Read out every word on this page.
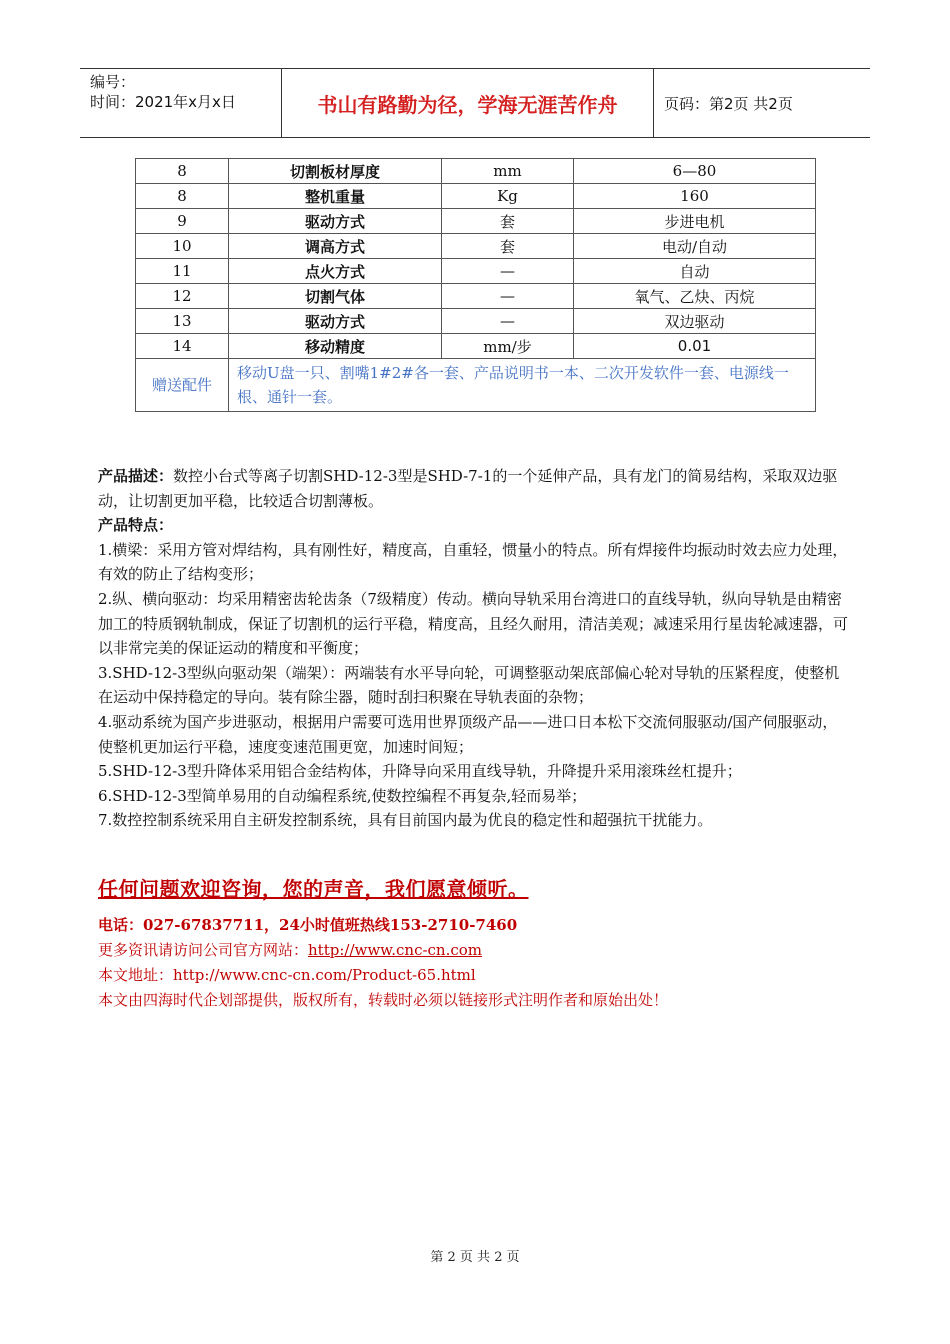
编号：
时间：2021年x月x日	书山有路勤为径，学海无涯苦作舟	页码：第2页 共2页
8	切割板材厚度	mm	6—80
8	整机重量	Kg	160
9	驱动方式	套	步进电机
10	调高方式	套	电动/自动
11	点火方式	—	自动
12	切割气体	—	氧气、乙炔、丙烷
13	驱动方式	—	双边驱动
14	移动精度	mm/步	0.01
赠送配件	移动U盘一只、割嘴1#2#各一套、产品说明书一本、二次开发软件一套、电源线一根、通针一套。		

产品描述：数控小台式等离子切割SHD-12-3型是SHD-7-1的一个延伸产品，具有龙门的简易结构，采取双边驱动，让切割更加平稳，比较适合切割薄板。

产品特点：

1.横梁：采用方管对焊结构，具有刚性好，精度高，自重轻，惯量小的特点。所有焊接件均振动时效去应力处理，有效的防止了结构变形；

2.纵、横向驱动：均采用精密齿轮齿条（7级精度）传动。横向导轨采用台湾进口的直线导轨，纵向导轨是由精密加工的特质钢轨制成，保证了切割机的运行平稳，精度高，且经久耐用，清洁美观；减速采用行星齿轮减速器，可以非常完美的保证运动的精度和平衡度；

3.SHD-12-3型纵向驱动架（端架）：两端装有水平导向轮，可调整驱动架底部偏心轮对导轨的压紧程度，使整机在运动中保持稳定的导向。装有除尘器，随时刮扫积聚在导轨表面的杂物；

4.驱动系统为国产步进驱动，根据用户需要可选用世界顶级产品——进口日本松下交流伺服驱动/国产伺服驱动，使整机更加运行平稳，速度变速范围更宽，加速时间短；

5.SHD-12-3型升降体采用铝合金结构体，升降导向采用直线导轨，升降提升采用滚珠丝杠提升；

6.SHD-12-3型简单易用的自动编程系统,使数控编程不再复杂,轻而易举；

7.数控控制系统采用自主研发控制系统，具有目前国内最为优良的稳定性和超强抗干扰能力。

任何问题欢迎咨询，您的声音，我们愿意倾听。
电话：027-67837711，24小时值班热线153-2710-7460
更多资讯请访问公司官方网站：http://www.cnc-cn.com
本文地址：http://www.cnc-cn.com/Product-65.html
本文由四海时代企划部提供，版权所有，转载时必须以链接形式注明作者和原始出处！
第 2 页 共 2 页
